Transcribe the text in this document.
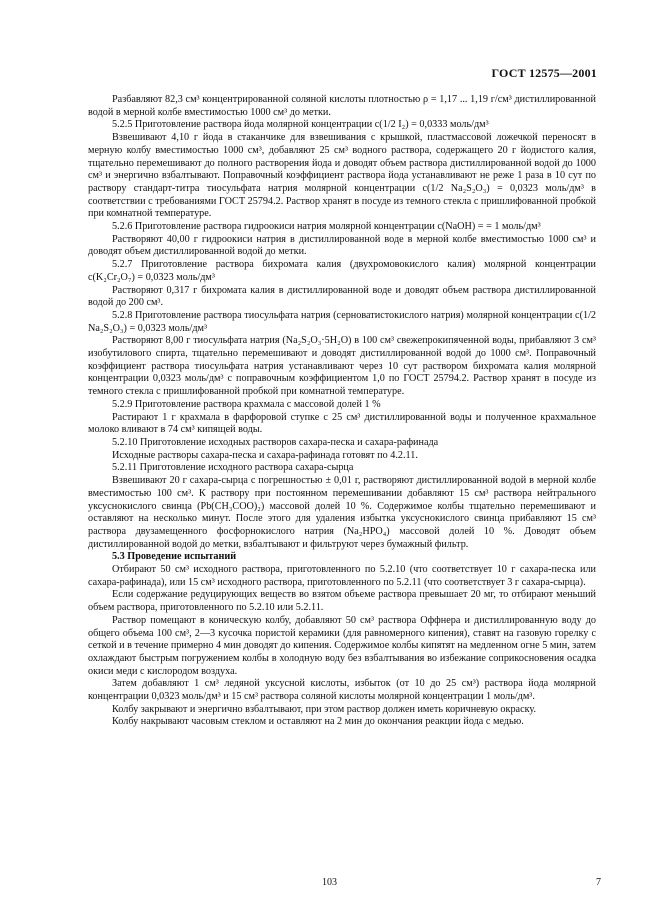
ГОСТ 12575—2001

Разбавляют 82,3 см³ концентрированной соляной кислоты плотностью ρ = 1,17 ... 1,19 г/см³ дистиллированной водой в мерной колбе вместимостью 1000 см³ до метки.

5.2.5 Приготовление раствора йода молярной концентрации c(1/2 I₂) = 0,0333 моль/дм³

Взвешивают 4,10 г йода в стаканчике для взвешивания с крышкой, пластмассовой ложечкой переносят в мерную колбу вместимостью 1000 см³, добавляют 25 см³ водного раствора, содержащего 20 г йодистого калия, тщательно перемешивают до полного растворения йода и доводят объем раствора дистиллированной водой до 1000 см³ и энергично взбалтывают. Поправочный коэффициент раствора йода устанавливают не реже 1 раза в 10 сут по раствору стандарт-титра тиосульфата натрия молярной концентрации c(1/2 Na₂S₂O₃) = 0,0323 моль/дм³ в соответствии с требованиями ГОСТ 25794.2. Раствор хранят в посуде из темного стекла с пришлифованной пробкой при комнатной температуре.

5.2.6 Приготовление раствора гидроокиси натрия молярной концентрации c(NaOH) = = 1 моль/дм³

Растворяют 40,00 г гидроокиси натрия в дистиллированной воде в мерной колбе вместимостью 1000 см³ и доводят объем дистиллированной водой до метки.

5.2.7 Приготовление раствора бихромата калия (двухромовокислого калия) молярной концентрации c(K₂Cr₂O₇) = 0,0323 моль/дм³

Растворяют 0,317 г бихромата калия в дистиллированной воде и доводят объем раствора дистиллированной водой до 200 см³.

5.2.8 Приготовление раствора тиосульфата натрия (серноватистокислого натрия) молярной концентрации c(1/2 Na₂S₂O₃) = 0,0323 моль/дм³

Растворяют 8,00 г тиосульфата натрия (Na₂S₂O₃·5H₂O) в 100 см³ свежепрокипяченной воды, прибавляют 3 см³ изобутилового спирта, тщательно перемешивают и доводят дистиллированной водой до 1000 см³. Поправочный коэффициент раствора тиосульфата натрия устанавливают через 10 сут раствором бихромата калия молярной концентрации 0,0323 моль/дм³ с поправочным коэффициентом 1,0 по ГОСТ 25794.2. Раствор хранят в посуде из темного стекла с пришлифованной пробкой при комнатной температуре.

5.2.9 Приготовление раствора крахмала с массовой долей 1 %

Растирают 1 г крахмала в фарфоровой ступке с 25 см³ дистиллированной воды и полученное крахмальное молоко вливают в 74 см³ кипящей воды.

5.2.10 Приготовление исходных растворов сахара-песка и сахара-рафинада

Исходные растворы сахара-песка и сахара-рафинада готовят по 4.2.11.

5.2.11 Приготовление исходного раствора сахара-сырца

Взвешивают 20 г сахара-сырца с погрешностью ± 0,01 г, растворяют дистиллированной водой в мерной колбе вместимостью 100 см³. К раствору при постоянном перемешивании добавляют 15 см³ раствора нейтрального уксуснокислого свинца (Pb(CH₃COO)₂) массовой долей 10 %. Содержимое колбы тщательно перемешивают и оставляют на несколько минут. После этого для удаления избытка уксуснокислого свинца прибавляют 15 см³ раствора двузамещенного фосфорнокислого натрия (Na₂HPO₄) массовой долей 10 %. Доводят объем дистиллированной водой до метки, взбалтывают и фильтруют через бумажный фильтр.

5.3 Проведение испытаний

Отбирают 50 см³ исходного раствора, приготовленного по 5.2.10 (что соответствует 10 г сахара-песка или сахара-рафинада), или 15 см³ исходного раствора, приготовленного по 5.2.11 (что соответствует 3 г сахара-сырца).

Если содержание редуцирующих веществ во взятом объеме раствора превышает 20 мг, то отбирают меньший объем раствора, приготовленного по 5.2.10 или 5.2.11.

Раствор помещают в коническую колбу, добавляют 50 см³ раствора Оффнера и дистиллированную воду до общего объема 100 см³, 2—3 кусочка пористой керамики (для равномерного кипения), ставят на газовую горелку с сеткой и в течение примерно 4 мин доводят до кипения. Содержимое колбы кипятят на медленном огне 5 мин, затем охлаждают быстрым погружением колбы в холодную воду без взбалтывания во избежание соприкосновения осадка окиси меди с кислородом воздуха.

Затем добавляют 1 см³ ледяной уксусной кислоты, избыток (от 10 до 25 см³) раствора йода молярной концентрации 0,0323 моль/дм³ и 15 см³ раствора соляной кислоты молярной концентрации 1 моль/дм³.

Колбу закрывают и энергично взбалтывают, при этом раствор должен иметь коричневую окраску.

Колбу накрывают часовым стеклом и оставляют на 2 мин до окончания реакции йода с медью.

103	7
